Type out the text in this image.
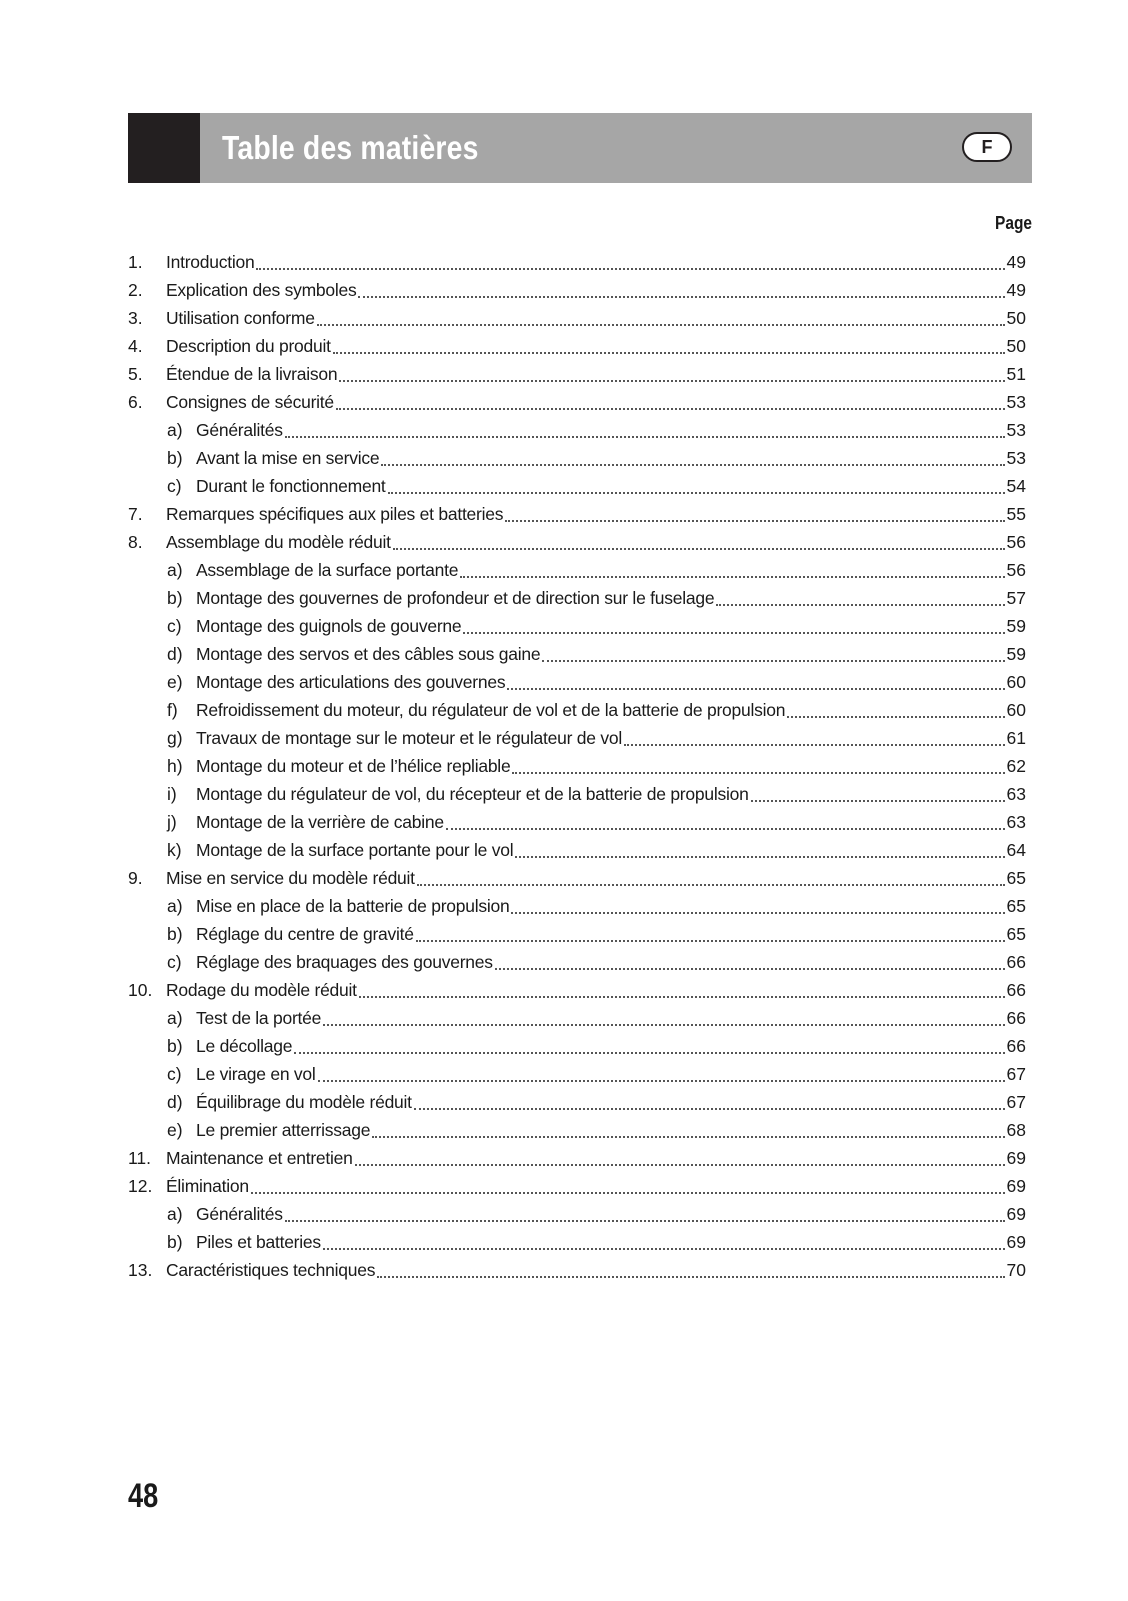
Table des matières	F
Page
1. Introduction	49
2. Explication des symboles	49
3. Utilisation conforme	50
4. Description du produit	50
5. Étendue de la livraison	51
6. Consignes de sécurité	53
a) Généralités	53
b) Avant la mise en service	53
c) Durant le fonctionnement	54
7. Remarques spécifiques aux piles et batteries	55
8. Assemblage du modèle réduit	56
a) Assemblage de la surface portante	56
b) Montage des gouvernes de profondeur et de direction sur le fuselage	57
c) Montage des guignols de gouverne	59
d) Montage des servos et des câbles sous gaine	59
e) Montage des articulations des gouvernes	60
f) Refroidissement du moteur, du régulateur de vol et de la batterie de propulsion	60
g) Travaux de montage sur le moteur et le régulateur de vol	61
h) Montage du moteur et de l’hélice repliable	62
i) Montage du régulateur de vol, du récepteur et de la batterie de propulsion	63
j) Montage de la verrière de cabine	63
k) Montage de la surface portante pour le vol	64
9. Mise en service du modèle réduit	65
a) Mise en place de la batterie de propulsion	65
b) Réglage du centre de gravité	65
c) Réglage des braquages des gouvernes	66
10. Rodage du modèle réduit	66
a) Test de la portée	66
b) Le décollage	66
c) Le virage en vol	67
d) Équilibrage du modèle réduit	67
e) Le premier atterrissage	68
11. Maintenance et entretien	69
12. Élimination	69
a) Généralités	69
b) Piles et batteries	69
13. Caractéristiques techniques	70
48
